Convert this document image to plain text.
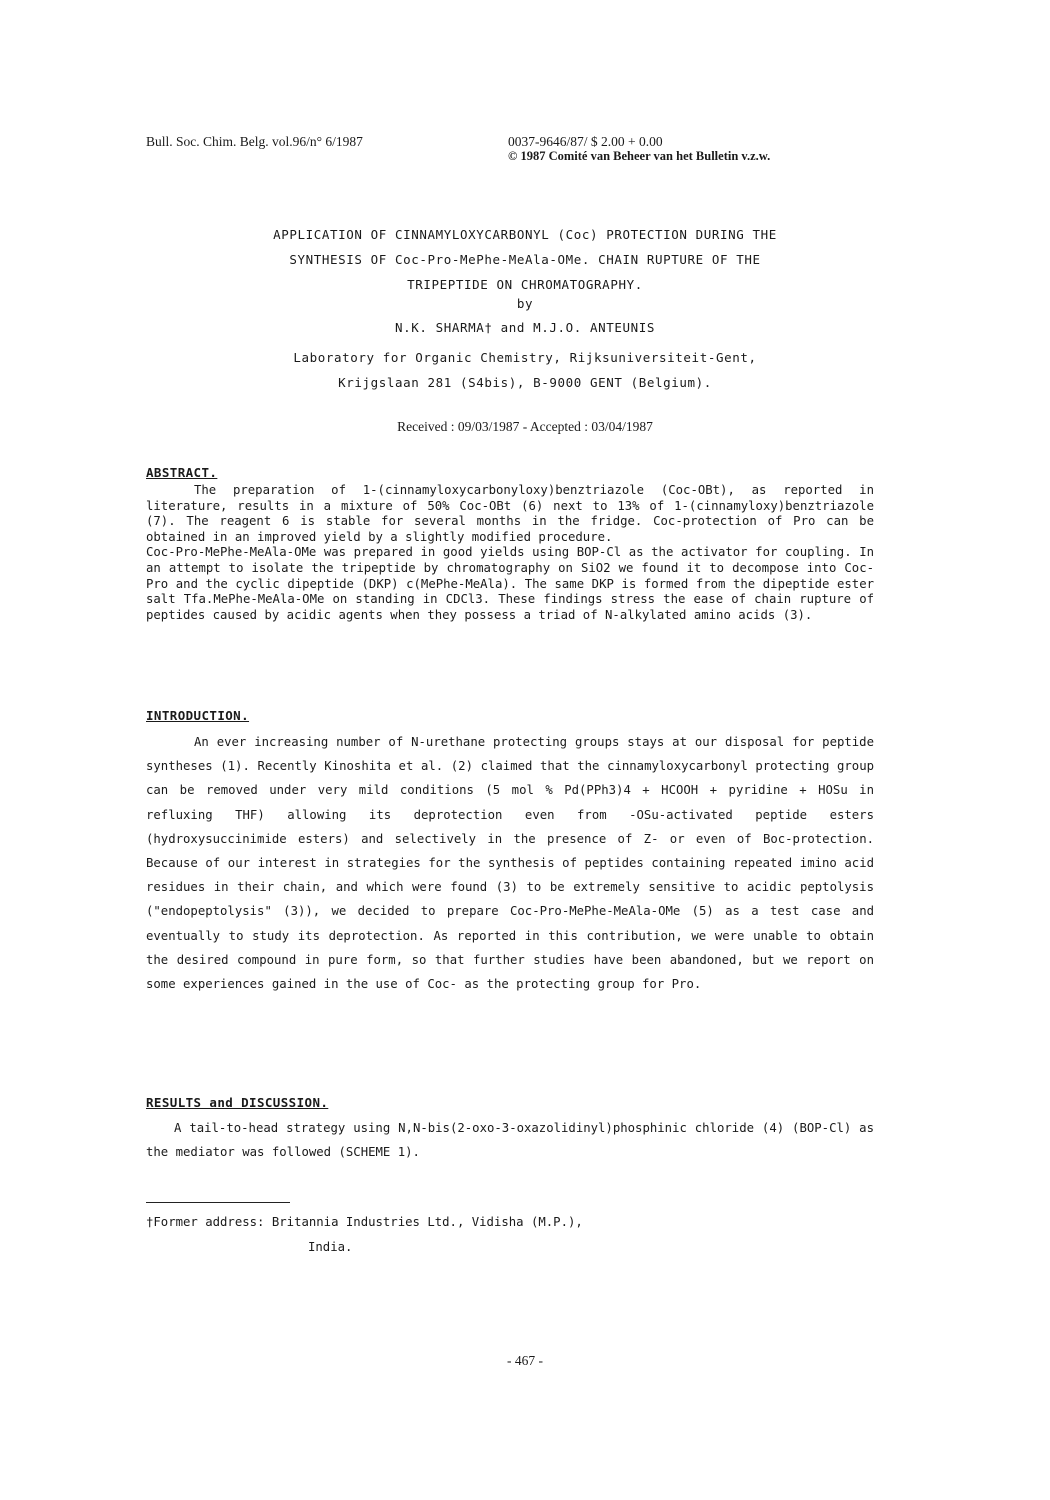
Bull. Soc. Chim. Belg. vol.96/n° 6/1987	0037-9646/87/ $ 2.00 + 0.00
© 1987 Comité van Beheer van het Bulletin v.z.w.
APPLICATION OF CINNAMYLOXYCARBONYL (Coc) PROTECTION DURING THE
SYNTHESIS OF Coc-Pro-MePhe-MeAla-OMe. CHAIN RUPTURE OF THE
TRIPEPTIDE ON CHROMATOGRAPHY.
by
N.K. SHARMA† and M.J.O. ANTEUNIS
Laboratory for Organic Chemistry, Rijksuniversiteit-Gent,
Krijgslaan 281 (S4bis), B-9000 GENT (Belgium).
Received : 09/03/1987 - Accepted : 03/04/1987
ABSTRACT.

The preparation of 1-(cinnamyloxycarbonyloxy)benztriazole (Coc-OBt), as reported in literature, results in a mixture of 50% Coc-OBt (6) next to 13% of 1-(cinnamyloxy)benztriazole (7). The reagent 6 is stable for several months in the fridge. Coc-protection of Pro can be obtained in an improved yield by a slightly modified procedure.

Coc-Pro-MePhe-MeAla-OMe was prepared in good yields using BOP-Cl as the activator for coupling. In an attempt to isolate the tripeptide by chromatography on SiO2 we found it to decompose into Coc-Pro and the cyclic dipeptide (DKP) c(MePhe-MeAla). The same DKP is formed from the dipeptide ester salt Tfa.MePhe-MeAla-OMe on standing in CDCl3. These findings stress the ease of chain rupture of peptides caused by acidic agents when they possess a triad of N-alkylated amino acids (3).

INTRODUCTION.

An ever increasing number of N-urethane protecting groups stays at our disposal for peptide syntheses (1). Recently Kinoshita et al. (2) claimed that the cinnamyloxycarbonyl protecting group can be removed under very mild conditions (5 mol % Pd(PPh3)4 + HCOOH + pyridine + HOSu in refluxing THF) allowing its deprotection even from -OSu-activated peptide esters (hydroxysuccinimide esters) and selectively in the presence of Z- or even of Boc-protection. Because of our interest in strategies for the synthesis of peptides containing repeated imino acid residues in their chain, and which were found (3) to be extremely sensitive to acidic peptolysis ("endopeptolysis" (3)), we decided to prepare Coc-Pro-MePhe-MeAla-OMe (5) as a test case and eventually to study its deprotection. As reported in this contribution, we were unable to obtain the desired compound in pure form, so that further studies have been abandoned, but we report on some experiences gained in the use of Coc- as the protecting group for Pro.

RESULTS and DISCUSSION.

A tail-to-head strategy using N,N-bis(2-oxo-3-oxazolidinyl)phosphinic chloride (4) (BOP-Cl) as the mediator was followed (SCHEME 1).

†Former address: Britannia Industries Ltd., Vidisha (M.P.),
India.
- 467 -
